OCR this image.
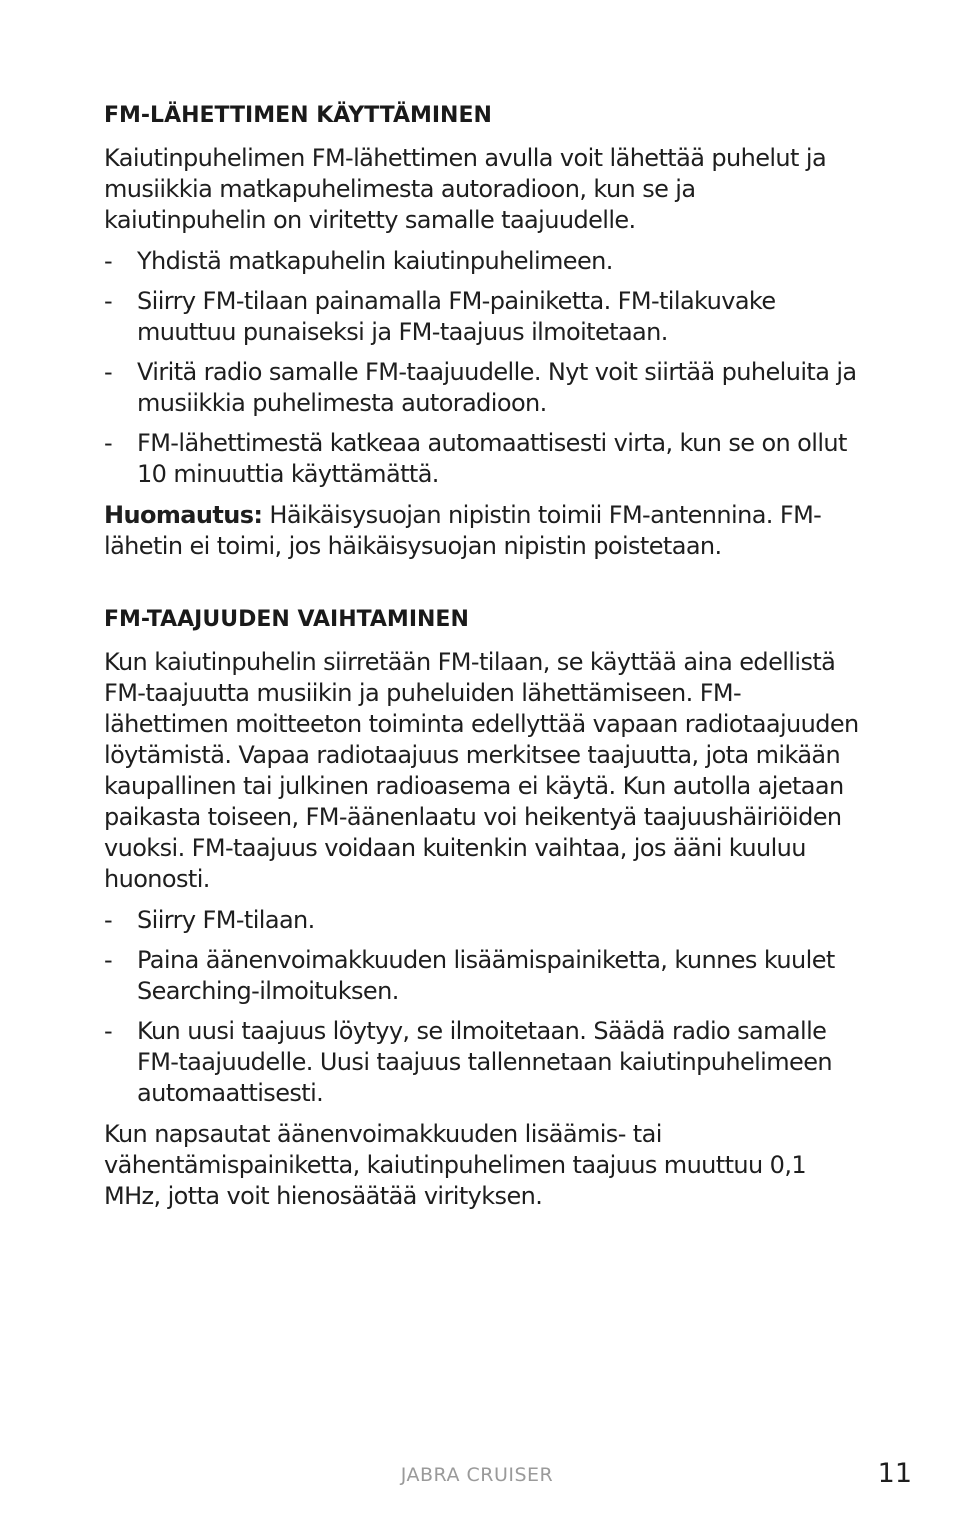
FM-LÄHETTIMEN KÄYTTÄMINEN

Kaiutinpuhelimen FM-lähettimen avulla voit lähettää puhelut ja musiikkia matkapuhelimesta autoradioon, kun se ja kaiutinpuhelin on viritetty samalle taajuudelle.

- Yhdistä matkapuhelin kaiutinpuhelimeen.
- Siirry FM-tilaan painamalla FM-painiketta. FM-tilakuvake muuttuu punaiseksi ja FM-taajuus ilmoitetaan.
- Viritä radio samalle FM-taajuudelle. Nyt voit siirtää puheluita ja musiikkia puhelimesta autoradioon.
- FM-lähettimestä katkeaa automaattisesti virta, kun se on ollut 10 minuuttia käyttämättä.

Huomautus: Häikäisysuojan nipistin toimii FM-antennina. FM-lähetin ei toimi, jos häikäisysuojan nipistin poistetaan.

FM-TAAJUUDEN VAIHTAMINEN

Kun kaiutinpuhelin siirretään FM-tilaan, se käyttää aina edellistä FM-taajuutta musiikin ja puheluiden lähettämiseen. FM-lähettimen moitteeton toiminta edellyttää vapaan radiotaajuuden löytämistä. Vapaa radiotaajuus merkitsee taajuutta, jota mikään kaupallinen tai julkinen radioasema ei käytä. Kun autolla ajetaan paikasta toiseen, FM-äänenlaatu voi heikentyä taajuushäiriöiden vuoksi. FM-taajuus voidaan kuitenkin vaihtaa, jos ääni kuuluu huonosti.

- Siirry FM-tilaan.
- Paina äänenvoimakkuuden lisäämispainiketta, kunnes kuulet Searching-ilmoituksen.
- Kun uusi taajuus löytyy, se ilmoitetaan. Säädä radio samalle FM-taajuudelle. Uusi taajuus tallennetaan kaiutinpuhelimeen automaattisesti.

Kun napsautat äänenvoimakkuuden lisäämis- tai vähentämispainiketta, kaiutinpuhelimen taajuus muuttuu 0,1 MHz, jotta voit hienosäätää virityksen.

JABRA CRUISER	11
